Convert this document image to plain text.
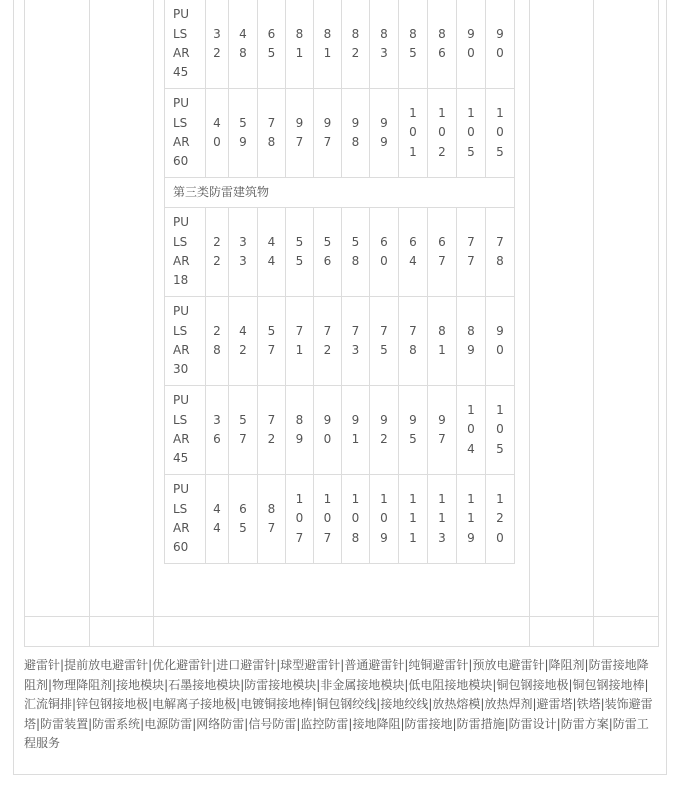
PULSAR45	32	48	65	81	81	82	83	85	86	90	90
PULSAR60	40	59	78	97	97	98	99	101	102	105	105
第三类防雷建筑物											
PULSAR18	22	33	44	55	56	58	60	64	67	77	78
PULSAR30	28	42	57	71	72	73	75	78	81	89	90
PULSAR45	36	57	72	89	90	91	92	95	97	104	105
PULSAR60	44	65	87	107	107	108	109	111	113	119	120
避雷针|提前放电避雷针|优化避雷针|进口避雷针|球型避雷针|普通避雷针|纯铜避雷针|预放电避雷针|降阻剂|防雷接地降阻剂|物理降阻剂|接地模块|石墨接地模块|防雷接地模块|非金属接地模块|低电阻接地模块|铜包钢接地极|铜包钢接地棒|汇流铜排|锌包钢接地极|电解离子接地极|电镀铜接地棒|铜包钢绞线|接地绞线|放热熔模|放热焊剂|避雷塔|铁塔|装饰避雷塔|防雷装置|防雷系统|电源防雷|网络防雷|信号防雷|监控防雷|接地降阻|防雷接地|防雷措施|防雷设计|防雷方案|防雷工程服务
